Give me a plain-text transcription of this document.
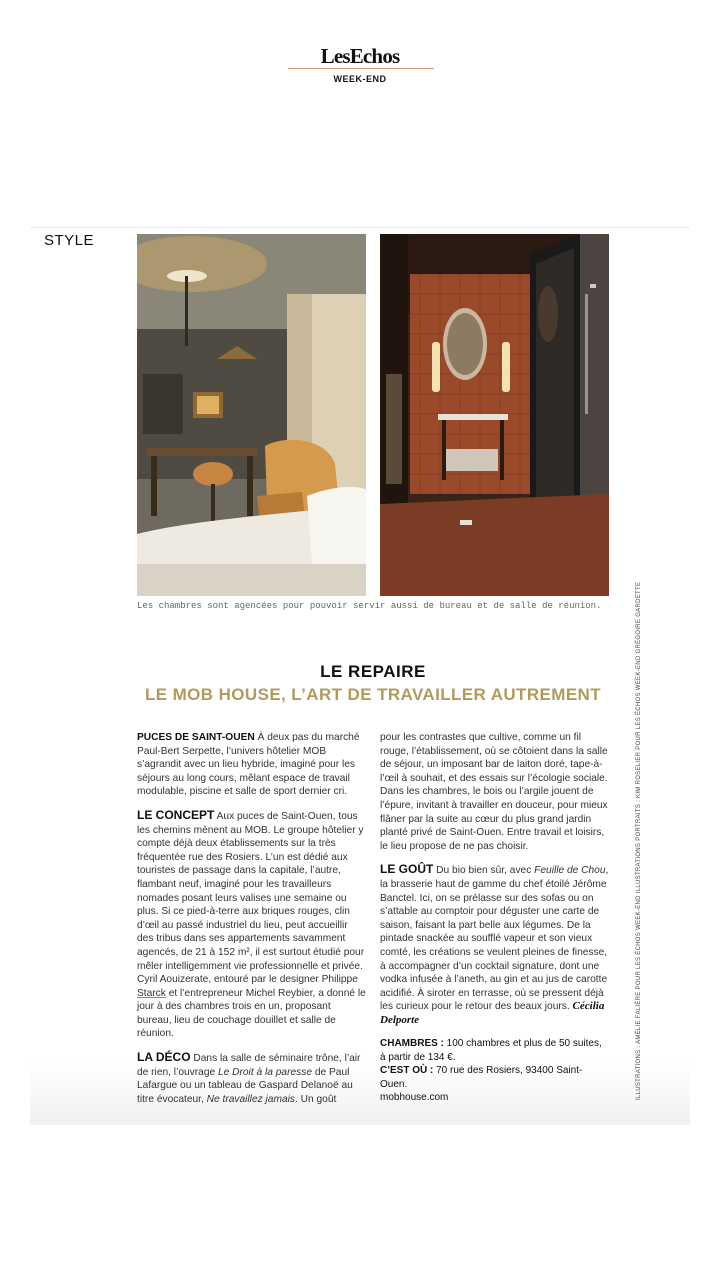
LesEchos
WEEK-END
STYLE
Les chambres sont agencées pour pouvoir servir aussi de bureau et de salle de réunion.	ILLUSTRATIONS : AMÉLIE FALIÈRE POUR LES ÉCHOS WEEK-END ILLUSTRATIONS PORTRAITS : KIM ROSELIER POUR LES ÉCHOS WEEK-END GRÉGOIRE GARDETTE
LE REPAIRE
LE MOB HOUSE, L’ART DE TRAVAILLER AUTREMENT

PUCES DE SAINT-OUEN À deux pas du marché Paul-Bert Serpette, l’univers hôtelier MOB s’agrandit avec un lieu hybride, imaginé pour les séjours au long cours, mêlant espace de travail modulable, piscine et salle de sport dernier cri.

LE CONCEPT Aux puces de Saint-Ouen, tous les chemins mènent au MOB. Le groupe hôtelier y compte déjà deux établissements sur la très fréquentée rue des Rosiers. L’un est dédié aux touristes de passage dans la capitale, l’autre, flambant neuf, imaginé pour les travailleurs nomades posant leurs valises une semaine ou plus. Si ce pied-à-terre aux briques rouges, clin d’œil au passé industriel du lieu, peut accueillir des tribus dans ses appartements savamment agencés, de 21 à 152 m², il est surtout étudié pour mêler intelligemment vie professionnelle et privée. Cyril Aouizerate, entouré par le designer Philippe Starck et l’entrepreneur Michel Reybier, a donné le jour à des chambres trois en un, proposant bureau, lieu de couchage douillet et salle de réunion.

LA DÉCO Dans la salle de séminaire trône, l’air de rien, l’ouvrage Le Droit à la paresse de Paul Lafargue ou un tableau de Gaspard Delanoë au titre évocateur, Ne travaillez jamais. Un goût

pour les contrastes que cultive, comme un fil rouge, l’établissement, où se côtoient dans la salle de séjour, un imposant bar de laiton doré, tape-à-l’œil à souhait, et des essais sur l’écologie sociale. Dans les chambres, le bois ou l’argile jouent de l’épure, invitant à travailler en douceur, pour mieux flâner par la suite au cœur du plus grand jardin planté privé de Saint-Ouen. Entre travail et loisirs, le lieu propose de ne pas choisir.

LE GOÛT Du bio bien sûr, avec Feuille de Chou, la brasserie haut de gamme du chef étoilé Jérôme Banctel. Ici, on se prélasse sur des sofas ou on s’attable au comptoir pour déguster une carte de saison, faisant la part belle aux légumes. De la pintade snackée au soufflé vapeur et son vieux comté, les créations se veulent pleines de finesse, à accompagner d’un cocktail signature, dont une vodka infusée à l’aneth, au gin et au jus de carotte acidifié. À siroter en terrasse, où se pressent déjà les curieux pour le retour des beaux jours. Cécilia Delporte

CHAMBRES : 100 chambres et plus de 50 suites, à partir de 134 €.
C’EST OÙ : 70 rue des Rosiers, 93400 Saint-Ouen.
mobhouse.com
